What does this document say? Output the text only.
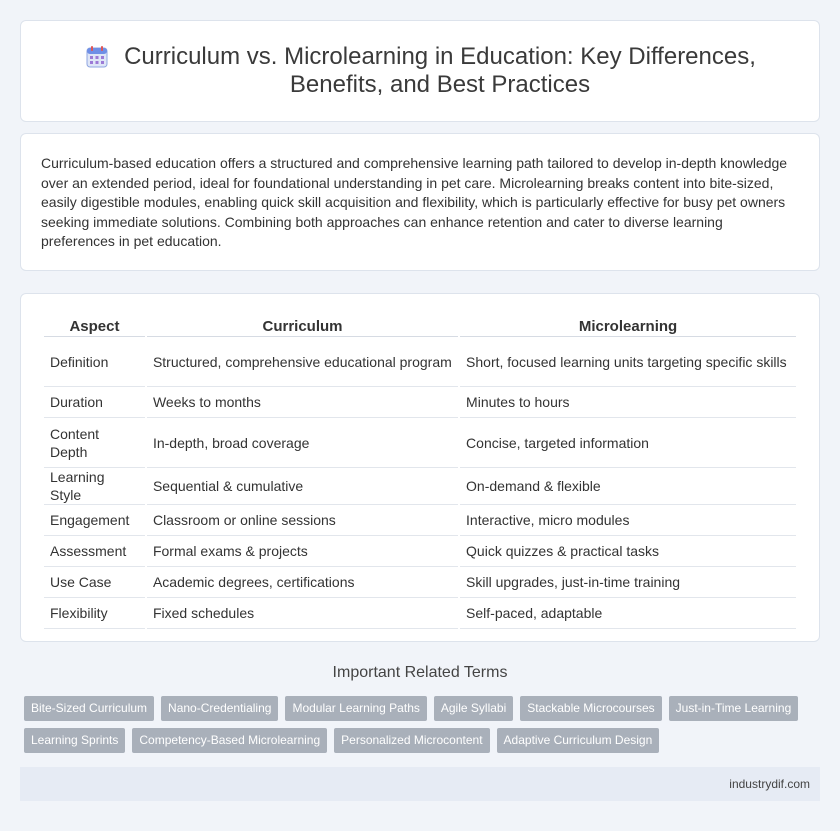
Curriculum vs. Microlearning in Education: Key Differences, Benefits, and Best Practices

Curriculum-based education offers a structured and comprehensive learning path tailored to develop in-depth knowledge over an extended period, ideal for foundational understanding in pet care. Microlearning breaks content into bite-sized, easily digestible modules, enabling quick skill acquisition and flexibility, which is particularly effective for busy pet owners seeking immediate solutions. Combining both approaches can enhance retention and cater to diverse learning preferences in pet education.

Aspect	Curriculum	Microlearning
Definition	Structured, comprehensive educational program	Short, focused learning units targeting specific skills
Duration	Weeks to months	Minutes to hours
Content Depth	In-depth, broad coverage	Concise, targeted information
Learning Style	Sequential & cumulative	On-demand & flexible
Engagement	Classroom or online sessions	Interactive, micro modules
Assessment	Formal exams & projects	Quick quizzes & practical tasks
Use Case	Academic degrees, certifications	Skill upgrades, just-in-time training
Flexibility	Fixed schedules	Self-paced, adaptable
Important Related Terms
Bite-Sized Curriculum	Nano-Credentialing	Modular Learning Paths	Agile Syllabi	Stackable Microcourses	Just-in-Time Learning
Learning Sprints	Competency-Based Microlearning	Personalized Microcontent	Adaptive Curriculum Design
industrydif.com
